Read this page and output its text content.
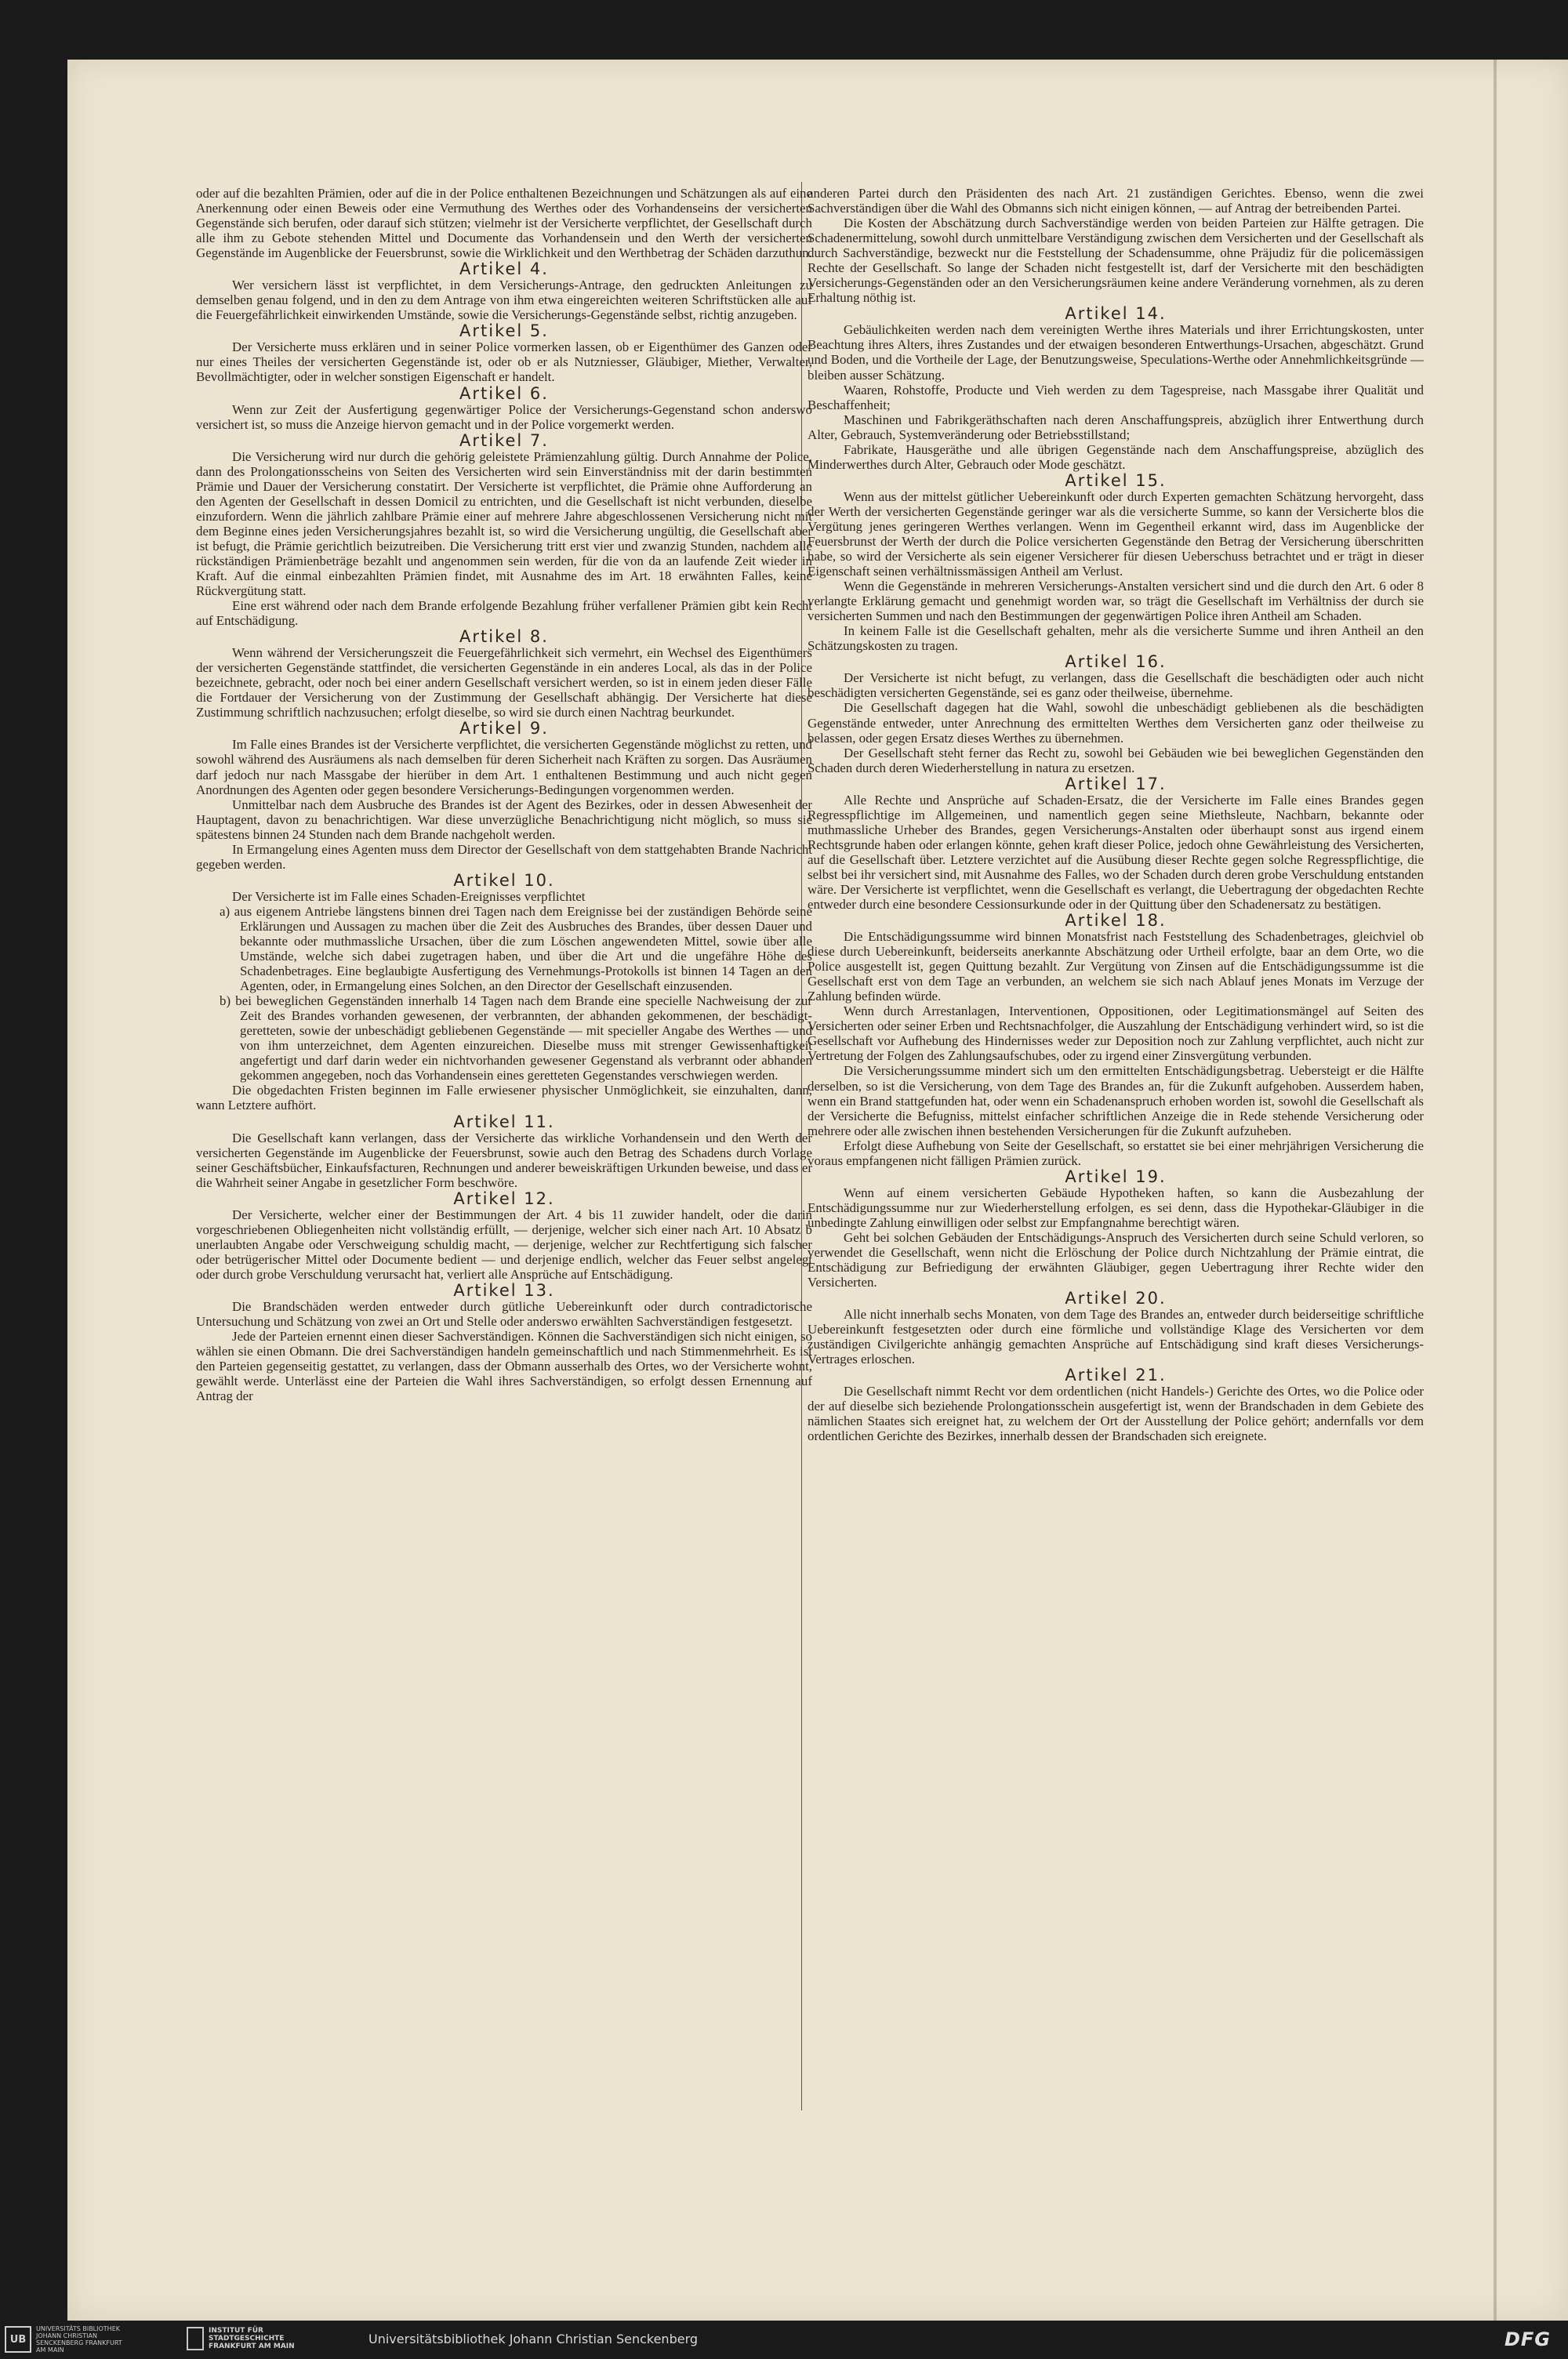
oder auf die bezahlten Prämien, oder auf die in der Police enthaltenen Bezeichnungen und Schätzungen als auf eine Anerkennung oder einen Beweis oder eine Vermuthung des Werthes oder des Vorhandenseins der versicherten Gegenstände sich berufen, oder darauf sich stützen; vielmehr ist der Versicherte verpflichtet, der Gesellschaft durch alle ihm zu Gebote stehenden Mittel und Documente das Vorhandensein und den Werth der versicherten Gegenstände im Augenblicke der Feuersbrunst, sowie die Wirklichkeit und den Werthbetrag der Schäden darzuthun.

Artikel 4.

Wer versichern lässt ist verpflichtet, in dem Versicherungs-Antrage, den gedruckten Anleitungen zu demselben genau folgend, und in den zu dem Antrage von ihm etwa eingereichten weiteren Schriftstücken alle auf die Feuergefährlichkeit einwirkenden Umstände, sowie die Versicherungs-Gegenstände selbst, richtig anzugeben.

Artikel 5.

Der Versicherte muss erklären und in seiner Police vormerken lassen, ob er Eigenthümer des Ganzen oder nur eines Theiles der versicherten Gegenstände ist, oder ob er als Nutzniesser, Gläubiger, Miether, Verwalter, Bevollmächtigter, oder in welcher sonstigen Eigenschaft er handelt.

Artikel 6.

Wenn zur Zeit der Ausfertigung gegenwärtiger Police der Versicherungs-Gegenstand schon anderswo versichert ist, so muss die Anzeige hiervon gemacht und in der Police vorgemerkt werden.

Artikel 7.

Die Versicherung wird nur durch die gehörig geleistete Prämienzahlung gültig. Durch Annahme der Police, dann des Prolongationsscheins von Seiten des Versicherten wird sein Einverständniss mit der darin bestimmten Prämie und Dauer der Versicherung constatirt. Der Versicherte ist verpflichtet, die Prämie ohne Aufforderung an den Agenten der Gesellschaft in dessen Domicil zu entrichten, und die Gesellschaft ist nicht verbunden, dieselbe einzufordern. Wenn die jährlich zahlbare Prämie einer auf mehrere Jahre abgeschlossenen Versicherung nicht mit dem Beginne eines jeden Versicherungsjahres bezahlt ist, so wird die Versicherung ungültig, die Gesellschaft aber ist befugt, die Prämie gerichtlich beizutreiben. Die Versicherung tritt erst vier und zwanzig Stunden, nachdem alle rückständigen Prämienbeträge bezahlt und angenommen sein werden, für die von da an laufende Zeit wieder in Kraft. Auf die einmal einbezahlten Prämien findet, mit Ausnahme des im Art. 18 erwähnten Falles, keine Rückvergütung statt.

Eine erst während oder nach dem Brande erfolgende Bezahlung früher verfallener Prämien gibt kein Recht auf Entschädigung.

Artikel 8.

Wenn während der Versicherungszeit die Feuergefährlichkeit sich vermehrt, ein Wechsel des Eigenthümers der versicherten Gegenstände stattfindet, die versicherten Gegenstände in ein anderes Local, als das in der Police bezeichnete, gebracht, oder noch bei einer andern Gesellschaft versichert werden, so ist in einem jeden dieser Fälle die Fortdauer der Versicherung von der Zustimmung der Gesellschaft abhängig. Der Versicherte hat diese Zustimmung schriftlich nachzusuchen; erfolgt dieselbe, so wird sie durch einen Nachtrag beurkundet.

Artikel 9.

Im Falle eines Brandes ist der Versicherte verpflichtet, die versicherten Gegenstände möglichst zu retten, und sowohl während des Ausräumens als nach demselben für deren Sicherheit nach Kräften zu sorgen. Das Ausräumen darf jedoch nur nach Massgabe der hierüber in dem Art. 1 enthaltenen Bestimmung und auch nicht gegen Anordnungen des Agenten oder gegen besondere Versicherungs-Bedingungen vorgenommen werden.

Unmittelbar nach dem Ausbruche des Brandes ist der Agent des Bezirkes, oder in dessen Abwesenheit der Hauptagent, davon zu benachrichtigen. War diese unverzügliche Benachrichtigung nicht möglich, so muss sie spätestens binnen 24 Stunden nach dem Brande nachgeholt werden.

In Ermangelung eines Agenten muss dem Director der Gesellschaft von dem stattgehabten Brande Nachricht gegeben werden.

Artikel 10.

Der Versicherte ist im Falle eines Schaden-Ereignisses verpflichtet

a) aus eigenem Antriebe längstens binnen drei Tagen nach dem Ereignisse bei der zuständigen Behörde seine Erklärungen und Aussagen zu machen über die Zeit des Ausbruches des Brandes, über dessen Dauer und bekannte oder muthmassliche Ursachen, über die zum Löschen angewendeten Mittel, sowie über alle Umstände, welche sich dabei zugetragen haben, und über die Art und die ungefähre Höhe des Schadenbetrages. Eine beglaubigte Ausfertigung des Vernehmungs-Protokolls ist binnen 14 Tagen an den Agenten, oder, in Ermangelung eines Solchen, an den Director der Gesellschaft einzusenden.

b) bei beweglichen Gegenständen innerhalb 14 Tagen nach dem Brande eine specielle Nachweisung der zur Zeit des Brandes vorhanden gewesenen, der verbrannten, der abhanden gekommenen, der beschädigt-geretteten, sowie der unbeschädigt gebliebenen Gegenstände — mit specieller Angabe des Werthes — und von ihm unterzeichnet, dem Agenten einzureichen. Dieselbe muss mit strenger Gewissenhaftigkeit angefertigt und darf darin weder ein nichtvorhanden gewesener Gegenstand als verbrannt oder abhanden gekommen angegeben, noch das Vorhandensein eines geretteten Gegenstandes verschwiegen werden.

Die obgedachten Fristen beginnen im Falle erwiesener physischer Unmöglichkeit, sie einzuhalten, dann, wann Letztere aufhört.

Artikel 11.

Die Gesellschaft kann verlangen, dass der Versicherte das wirkliche Vorhandensein und den Werth der versicherten Gegenstände im Augenblicke der Feuersbrunst, sowie auch den Betrag des Schadens durch Vorlage seiner Geschäftsbücher, Einkaufsfacturen, Rechnungen und anderer beweiskräftigen Urkunden beweise, und dass er die Wahrheit seiner Angabe in gesetzlicher Form beschwöre.

Artikel 12.

Der Versicherte, welcher einer der Bestimmungen der Art. 4 bis 11 zuwider handelt, oder die darin vorgeschriebenen Obliegenheiten nicht vollständig erfüllt, — derjenige, welcher sich einer nach Art. 10 Absatz b unerlaubten Angabe oder Verschweigung schuldig macht, — derjenige, welcher zur Rechtfertigung sich falscher oder betrügerischer Mittel oder Documente bedient — und derjenige endlich, welcher das Feuer selbst angelegt oder durch grobe Verschuldung verursacht hat, verliert alle Ansprüche auf Entschädigung.

Artikel 13.

Die Brandschäden werden entweder durch gütliche Uebereinkunft oder durch contradictorische Untersuchung und Schätzung von zwei an Ort und Stelle oder anderswo erwählten Sachverständigen festgesetzt.

Jede der Parteien ernennt einen dieser Sachverständigen. Können die Sachverständigen sich nicht einigen, so wählen sie einen Obmann. Die drei Sachverständigen handeln gemeinschaftlich und nach Stimmenmehrheit. Es ist den Parteien gegenseitig gestattet, zu verlangen, dass der Obmann ausserhalb des Ortes, wo der Versicherte wohnt, gewählt werde. Unterlässt eine der Parteien die Wahl ihres Sachverständigen, so erfolgt dessen Ernennung auf Antrag der

anderen Partei durch den Präsidenten des nach Art. 21 zuständigen Gerichtes. Ebenso, wenn die zwei Sachverständigen über die Wahl des Obmanns sich nicht einigen können, — auf Antrag der betreibenden Partei.

Die Kosten der Abschätzung durch Sachverständige werden von beiden Parteien zur Hälfte getragen. Die Schadenermittelung, sowohl durch unmittelbare Verständigung zwischen dem Versicherten und der Gesellschaft als durch Sachverständige, bezweckt nur die Feststellung der Schadensumme, ohne Präjudiz für die policemässigen Rechte der Gesellschaft. So lange der Schaden nicht festgestellt ist, darf der Versicherte mit den beschädigten Versicherungs-Gegenständen oder an den Versicherungsräumen keine andere Veränderung vornehmen, als zu deren Erhaltung nöthig ist.

Artikel 14.

Gebäulichkeiten werden nach dem vereinigten Werthe ihres Materials und ihrer Errichtungskosten, unter Beachtung ihres Alters, ihres Zustandes und der etwaigen besonderen Entwerthungs-Ursachen, abgeschätzt. Grund und Boden, und die Vortheile der Lage, der Benutzungsweise, Speculations-Werthe oder Annehmlichkeitsgründe — bleiben ausser Schätzung.

Waaren, Rohstoffe, Producte und Vieh werden zu dem Tagespreise, nach Massgabe ihrer Qualität und Beschaffenheit;

Maschinen und Fabrikgeräthschaften nach deren Anschaffungspreis, abzüglich ihrer Entwerthung durch Alter, Gebrauch, Systemveränderung oder Betriebsstillstand;

Fabrikate, Hausgeräthe und alle übrigen Gegenstände nach dem Anschaffungspreise, abzüglich des Minderwerthes durch Alter, Gebrauch oder Mode geschätzt.

Artikel 15.

Wenn aus der mittelst gütlicher Uebereinkunft oder durch Experten gemachten Schätzung hervorgeht, dass der Werth der versicherten Gegenstände geringer war als die versicherte Summe, so kann der Versicherte blos die Vergütung jenes geringeren Werthes verlangen. Wenn im Gegentheil erkannt wird, dass im Augenblicke der Feuersbrunst der Werth der durch die Police versicherten Gegenstände den Betrag der Versicherung überschritten habe, so wird der Versicherte als sein eigener Versicherer für diesen Ueberschuss betrachtet und er trägt in dieser Eigenschaft seinen verhältnissmässigen Antheil am Verlust.

Wenn die Gegenstände in mehreren Versicherungs-Anstalten versichert sind und die durch den Art. 6 oder 8 verlangte Erklärung gemacht und genehmigt worden war, so trägt die Gesellschaft im Verhältniss der durch sie versicherten Summen und nach den Bestimmungen der gegenwärtigen Police ihren Antheil am Schaden.

In keinem Falle ist die Gesellschaft gehalten, mehr als die versicherte Summe und ihren Antheil an den Schätzungskosten zu tragen.

Artikel 16.

Der Versicherte ist nicht befugt, zu verlangen, dass die Gesellschaft die beschädigten oder auch nicht beschädigten versicherten Gegenstände, sei es ganz oder theilweise, übernehme.

Die Gesellschaft dagegen hat die Wahl, sowohl die unbeschädigt gebliebenen als die beschädigten Gegenstände entweder, unter Anrechnung des ermittelten Werthes dem Versicherten ganz oder theilweise zu belassen, oder gegen Ersatz dieses Werthes zu übernehmen.

Der Gesellschaft steht ferner das Recht zu, sowohl bei Gebäuden wie bei beweglichen Gegenständen den Schaden durch deren Wiederherstellung in natura zu ersetzen.

Artikel 17.

Alle Rechte und Ansprüche auf Schaden-Ersatz, die der Versicherte im Falle eines Brandes gegen Regresspflichtige im Allgemeinen, und namentlich gegen seine Miethsleute, Nachbarn, bekannte oder muthmassliche Urheber des Brandes, gegen Versicherungs-Anstalten oder überhaupt sonst aus irgend einem Rechtsgrunde haben oder erlangen könnte, gehen kraft dieser Police, jedoch ohne Gewährleistung des Versicherten, auf die Gesellschaft über. Letztere verzichtet auf die Ausübung dieser Rechte gegen solche Regresspflichtige, die selbst bei ihr versichert sind, mit Ausnahme des Falles, wo der Schaden durch deren grobe Verschuldung entstanden wäre. Der Versicherte ist verpflichtet, wenn die Gesellschaft es verlangt, die Uebertragung der obgedachten Rechte entweder durch eine besondere Cessionsurkunde oder in der Quittung über den Schadenersatz zu bestätigen.

Artikel 18.

Die Entschädigungssumme wird binnen Monatsfrist nach Feststellung des Schadenbetrages, gleichviel ob diese durch Uebereinkunft, beiderseits anerkannte Abschätzung oder Urtheil erfolgte, baar an dem Orte, wo die Police ausgestellt ist, gegen Quittung bezahlt. Zur Vergütung von Zinsen auf die Entschädigungssumme ist die Gesellschaft erst von dem Tage an verbunden, an welchem sie sich nach Ablauf jenes Monats im Verzuge der Zahlung befinden würde.

Wenn durch Arrestanlagen, Interventionen, Oppositionen, oder Legitimationsmängel auf Seiten des Versicherten oder seiner Erben und Rechtsnachfolger, die Auszahlung der Entschädigung verhindert wird, so ist die Gesellschaft vor Aufhebung des Hindernisses weder zur Deposition noch zur Zahlung verpflichtet, auch nicht zur Vertretung der Folgen des Zahlungsaufschubes, oder zu irgend einer Zinsvergütung verbunden.

Die Versicherungssumme mindert sich um den ermittelten Entschädigungsbetrag. Uebersteigt er die Hälfte derselben, so ist die Versicherung, von dem Tage des Brandes an, für die Zukunft aufgehoben. Ausserdem haben, wenn ein Brand stattgefunden hat, oder wenn ein Schadenanspruch erhoben worden ist, sowohl die Gesellschaft als der Versicherte die Befugniss, mittelst einfacher schriftlichen Anzeige die in Rede stehende Versicherung oder mehrere oder alle zwischen ihnen bestehenden Versicherungen für die Zukunft aufzuheben.

Erfolgt diese Aufhebung von Seite der Gesellschaft, so erstattet sie bei einer mehrjährigen Versicherung die voraus empfangenen nicht fälligen Prämien zurück.

Artikel 19.

Wenn auf einem versicherten Gebäude Hypotheken haften, so kann die Ausbezahlung der Entschädigungssumme nur zur Wiederherstellung erfolgen, es sei denn, dass die Hypothekar-Gläubiger in die unbedingte Zahlung einwilligen oder selbst zur Empfangnahme berechtigt wären.

Geht bei solchen Gebäuden der Entschädigungs-Anspruch des Versicherten durch seine Schuld verloren, so verwendet die Gesellschaft, wenn nicht die Erlöschung der Police durch Nichtzahlung der Prämie eintrat, die Entschädigung zur Befriedigung der erwähnten Gläubiger, gegen Uebertragung ihrer Rechte wider den Versicherten.

Artikel 20.

Alle nicht innerhalb sechs Monaten, von dem Tage des Brandes an, entweder durch beiderseitige schriftliche Uebereinkunft festgesetzten oder durch eine förmliche und vollständige Klage des Versicherten vor dem zuständigen Civilgerichte anhängig gemachten Ansprüche auf Entschädigung sind kraft dieses Versicherungs-Vertrages erloschen.

Artikel 21.

Die Gesellschaft nimmt Recht vor dem ordentlichen (nicht Handels-) Gerichte des Ortes, wo die Police oder der auf dieselbe sich beziehende Prolongationsschein ausgefertigt ist, wenn der Brandschaden in dem Gebiete des nämlichen Staates sich ereignet hat, zu welchem der Ort der Ausstellung der Police gehört; andernfalls vor dem ordentlichen Gerichte des Bezirkes, innerhalb dessen der Brandschaden sich ereignete.

UB
UNIVERSITÄTS BIBLIOTHEK
JOHANN CHRISTIAN SENCKENBERG FRANKFURT AM MAIN
INSTITUT FÜR STADTGESCHICHTE
FRANKFURT AM MAIN	Universitätsbibliothek Johann Christian Senckenberg	DFG
